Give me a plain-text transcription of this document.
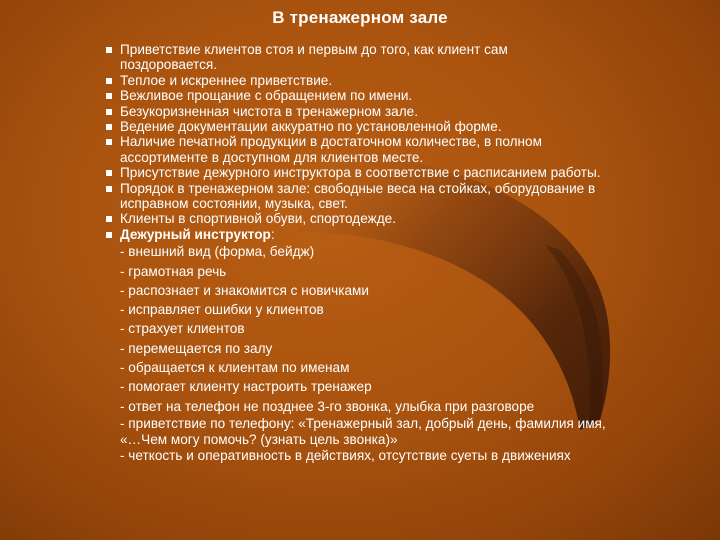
В тренажерном зале
Приветствие клиентов стоя и первым до того, как клиент сам поздоровается.
Теплое и искреннее приветствие.
Вежливое прощание с обращением по имени.
Безукоризненная чистота в тренажерном зале.
Ведение документации аккуратно по установленной форме.
Наличие печатной продукции в достаточном количестве, в полном ассортименте в доступном для клиентов месте.
Присутствие дежурного инструктора в соответствие с расписанием работы.
Порядок в тренажерном зале: свободные веса на стойках, оборудование в исправном состоянии, музыка, свет.
Клиенты в спортивной обуви, спортодежде.
Дежурный инструктор:
- внешний вид (форма, бейдж)
- грамотная речь
- распознает и знакомится с новичками
- исправляет ошибки у клиентов
- страхует клиентов
- перемещается по залу
- обращается к клиентам по именам
- помогает клиенту настроить тренажер
- ответ на телефон не позднее 3-го звонка, улыбка при разговоре
- приветствие по телефону: «Тренажерный зал, добрый день, фамилия имя, «…Чем могу помочь? (узнать цель звонка)»
- четкость и оперативность в действиях, отсутствие суеты в движениях
